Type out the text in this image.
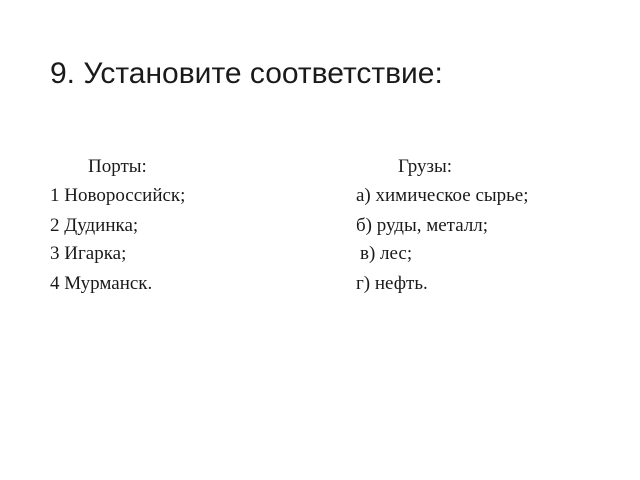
9. Установите соответствие:
Порты:	Грузы:
1 Новороссийск;
2 Дудинка;
3 Игарка;
4 Мурманск.
а) химическое сырье;
б) руды, металл;
в) лес;
г) нефть.
